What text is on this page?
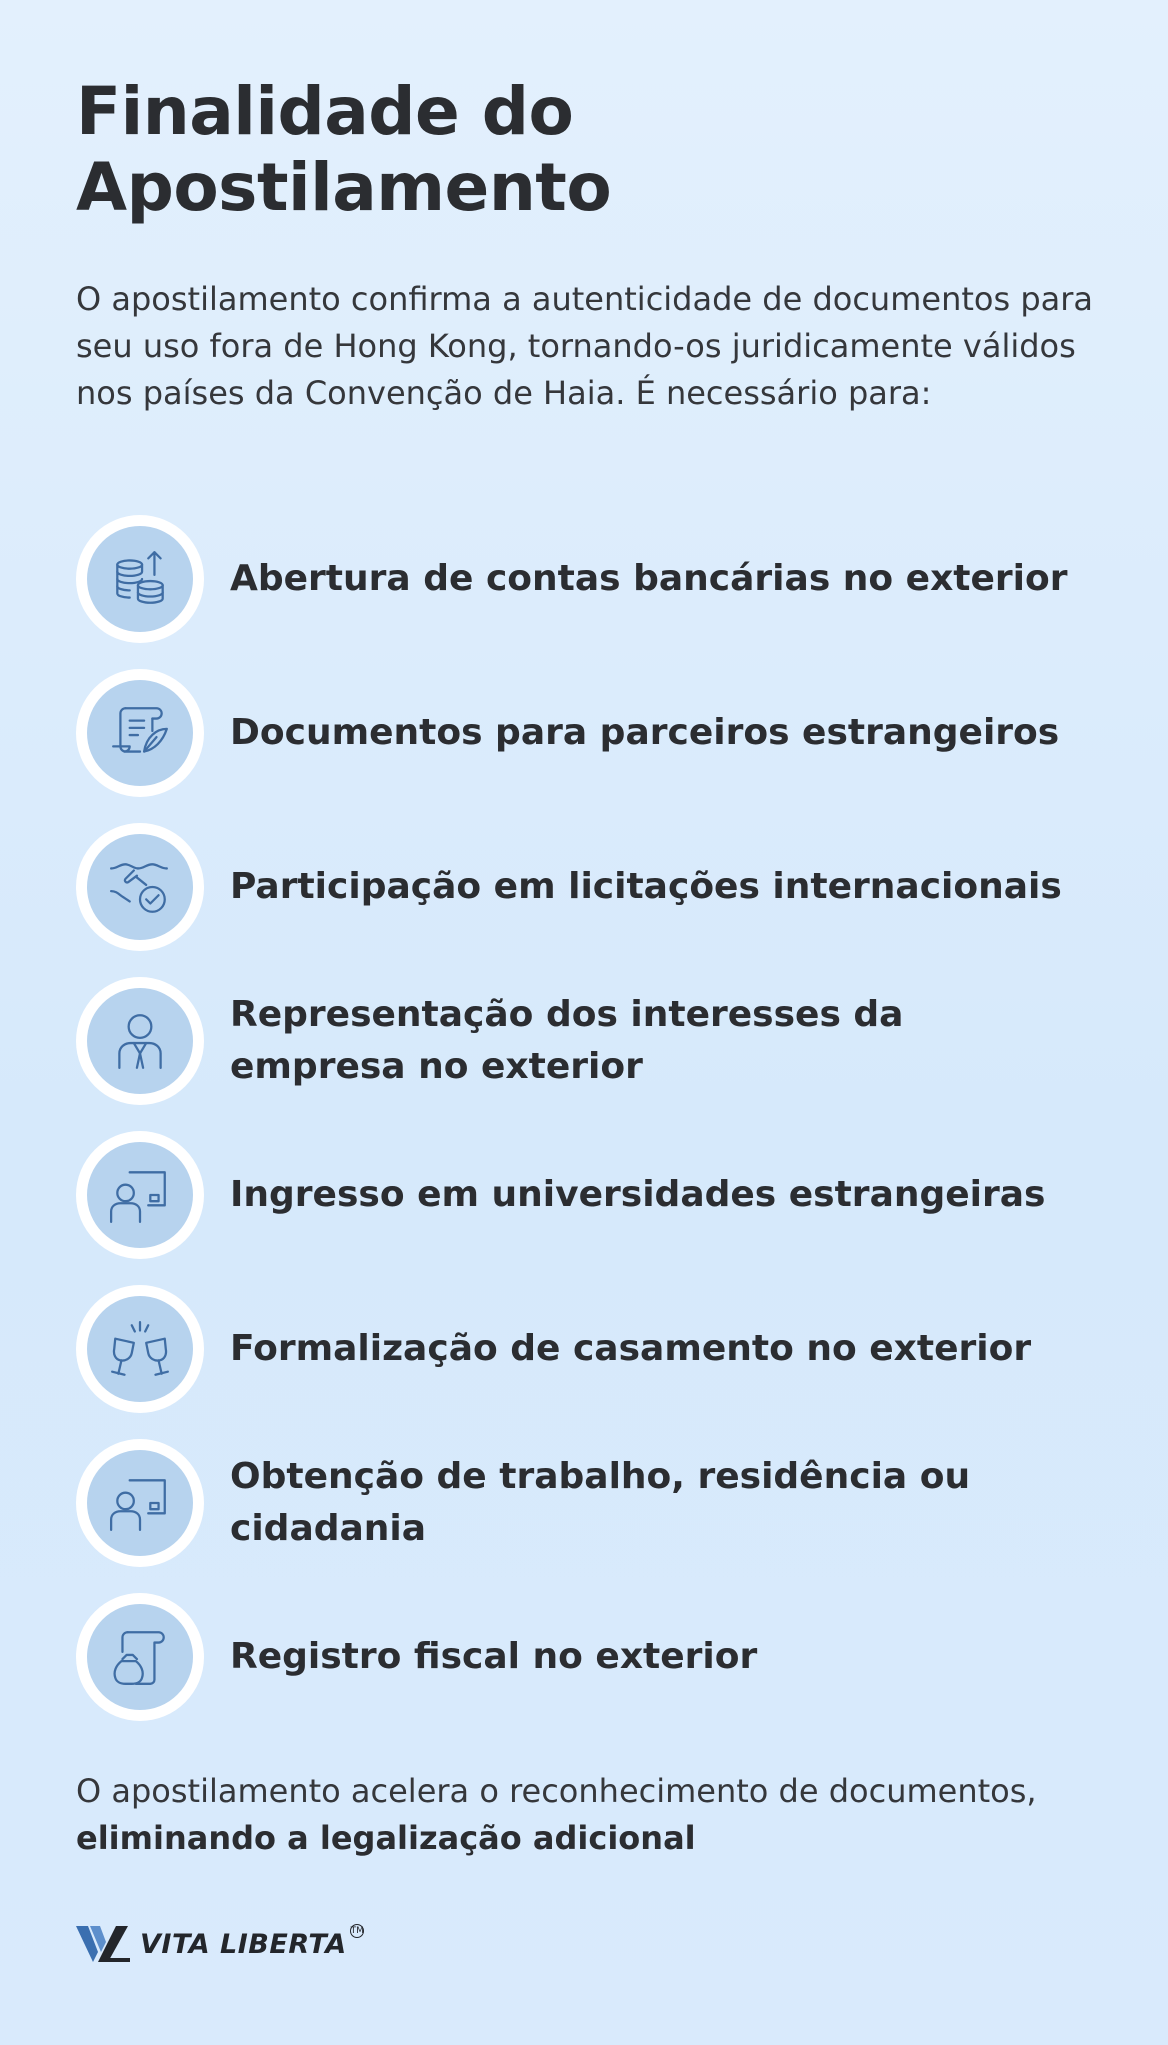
Finalidade do Apostilamento

O apostilamento confirma a autenticidade de documentos para seu uso fora de Hong Kong, tornando-os juridicamente válidos nos países da Convenção de Haia. É necessário para:

Abertura de contas bancárias no exterior
Documentos para parceiros estrangeiros
Participação em licitações internacionais
Representação dos interesses da empresa no exterior
Ingresso em universidades estrangeiras
Formalização de casamento no exterior
Obtenção de trabalho, residência ou cidadania
Registro fiscal no exterior

O apostilamento acelera o reconhecimento de documentos, eliminando a legalização adicional

VITA LIBERTA TM
